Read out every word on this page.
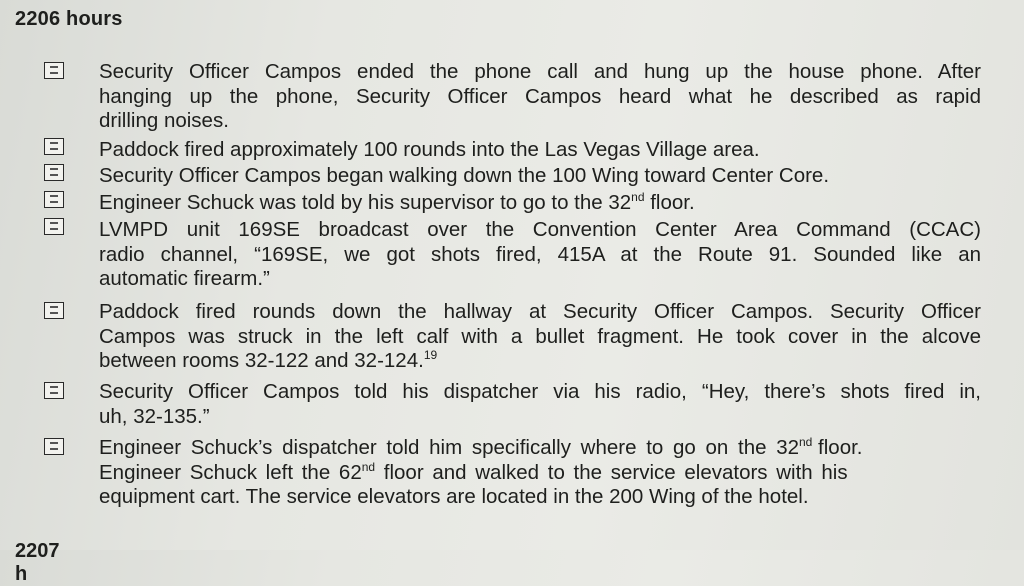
2206 hours
Security Officer Campos ended the phone call and hung up the house phone. After
hanging up the phone, Security Officer Campos heard what he described as rapid
drilling noises.
Paddock fired approximately 100 rounds into the Las Vegas Village area.
Security Officer Campos began walking down the 100 Wing toward Center Core.
Engineer Schuck was told by his supervisor to go to the 32nd floor.
LVMPD unit 169SE broadcast over the Convention Center Area Command (CCAC)
radio channel, “169SE, we got shots fired, 415A at the Route 91. Sounded like an
automatic firearm.”
Paddock fired rounds down the hallway at Security Officer Campos. Security Officer
Campos was struck in the left calf with a bullet fragment. He took cover in the alcove
between rooms 32-122 and 32-124.19
Security Officer Campos told his dispatcher via his radio, “Hey, there’s shots fired in,
uh, 32-135.”
Engineer Schuck’s dispatcher told him specifically where to go on the 32 $^{nd}$ floor.
Engineer Schuck left the 62nd floor and walked to the service elevators with his
equipment cart. The service elevators are located in the 200 Wing of the hotel.
2207 h
